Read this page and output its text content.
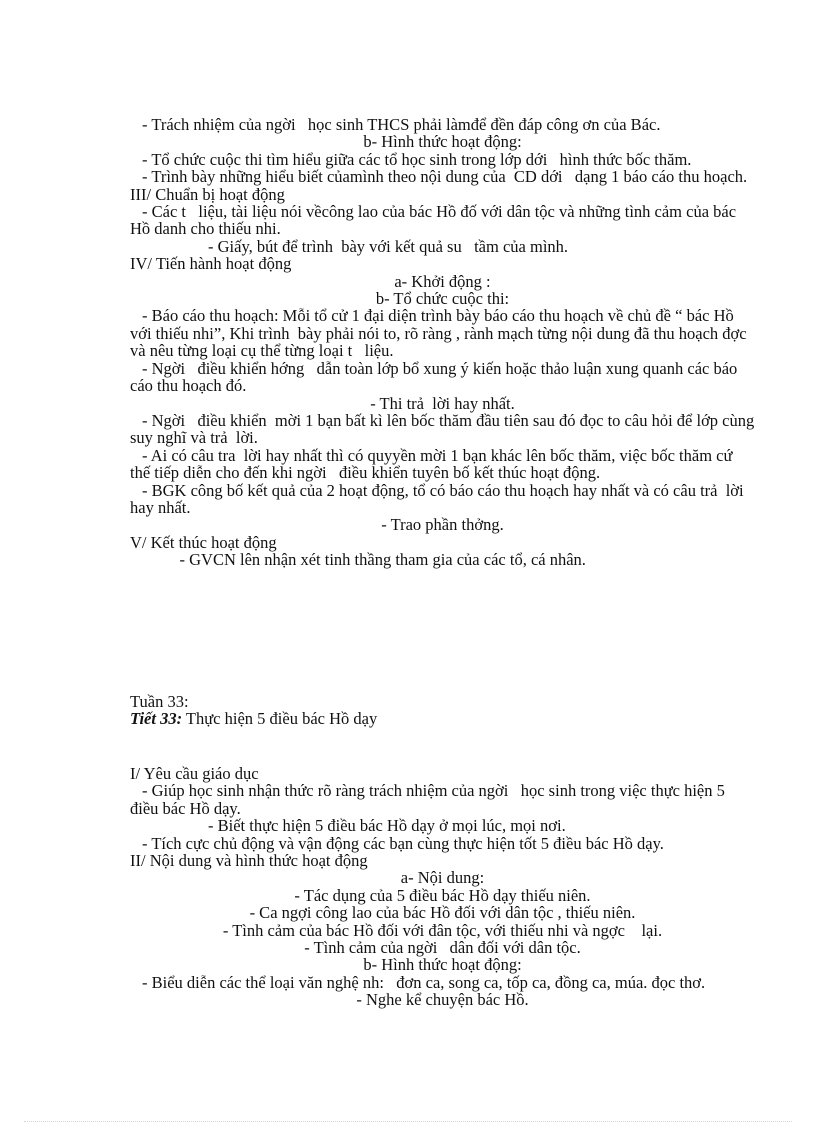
- Trách nhiệm của ngời   học sinh THCS phải làmđể đền đáp công ơn của Bác.

b- Hình thức hoạt động:

- Tổ chức cuộc thi tìm hiểu giữa các tổ học sinh trong lớp dới   hình thức bốc thăm.

- Trình bày những hiểu biết củamình theo nội dung của  CD dới   dạng 1 báo cáo thu hoạch.

III/ Chuẩn bị hoạt động

- Các t   liệu, tài liệu nói vềcông lao của bác Hồ đố với dân tộc và những tình cảm của bác Hồ danh cho thiếu nhi.

- Giấy, bút để trình  bày với kết quả su   tầm của mình.

IV/ Tiến hành hoạt động

a- Khởi động :

b- Tổ chức cuộc thi:

- Báo cáo thu hoạch: Mỗi tổ cử 1 đại diện trình bày báo cáo thu hoạch về chủ đề “ bác Hồ với thiếu nhi”, Khi trình  bày phải nói to, rõ ràng , rành mạch từng nội dung đã thu hoạch đợc    và nêu từng loại cụ thể từng loại t   liệu.

- Ngời   điều khiển hớng   dẫn toàn lớp bổ xung ý kiến hoặc thảo luận xung quanh các báo cáo thu hoạch đó.

- Thi trả  lời hay nhất.

- Ngời   điều khiển  mời 1 bạn bất kì lên bốc thăm đầu tiên sau đó đọc to câu hỏi để lớp cùng suy nghĩ và trả  lời.

- Ai có câu tra  lời hay nhất thì có quyyền mời 1 bạn khác lên bốc thăm, việc bốc thăm cứ thế tiếp diễn cho đến khi ngời   điều khiển tuyên bố kết thúc hoạt động.

- BGK công bố kết quả của 2 hoạt động, tổ có báo cáo thu hoạch hay nhất và có câu trả  lời hay nhất.

- Trao phần thởng.

V/ Kết thúc hoạt động

- GVCN lên nhận xét tinh thầng tham gia của các tổ, cá nhân.

Tuần 33:

Tiết 33: Thực hiện 5 điều bác Hồ dạy

I/ Yêu cầu giáo dục

- Giúp học sinh nhận thức rõ ràng trách nhiệm của ngời   học sinh trong việc thực hiện 5 điều bác Hồ dạy.

- Biết thực hiện 5 điều bác Hồ dạy ở mọi lúc, mọi nơi.

- Tích cực chủ động và vận động các bạn cùng thực hiện tốt 5 điều bác Hồ dạy.

II/ Nội dung và hình thức hoạt động

a- Nội dung:

- Tác dụng của 5 điều bác Hồ dạy thiếu niên.

- Ca ngợi công lao của bác Hồ đối với dân tộc , thiếu niên.

- Tình cảm của bác Hồ đối với đân tộc, với thiếu nhi và ngợc    lại.

- Tình cảm của ngời   dân đối với dân tộc.

b- Hình thức hoạt động:

- Biểu diễn các thể loại văn nghệ nh:   đơn ca, song ca, tốp ca, đồng ca, múa. đọc thơ.

- Nghe kể chuyện bác Hồ.
